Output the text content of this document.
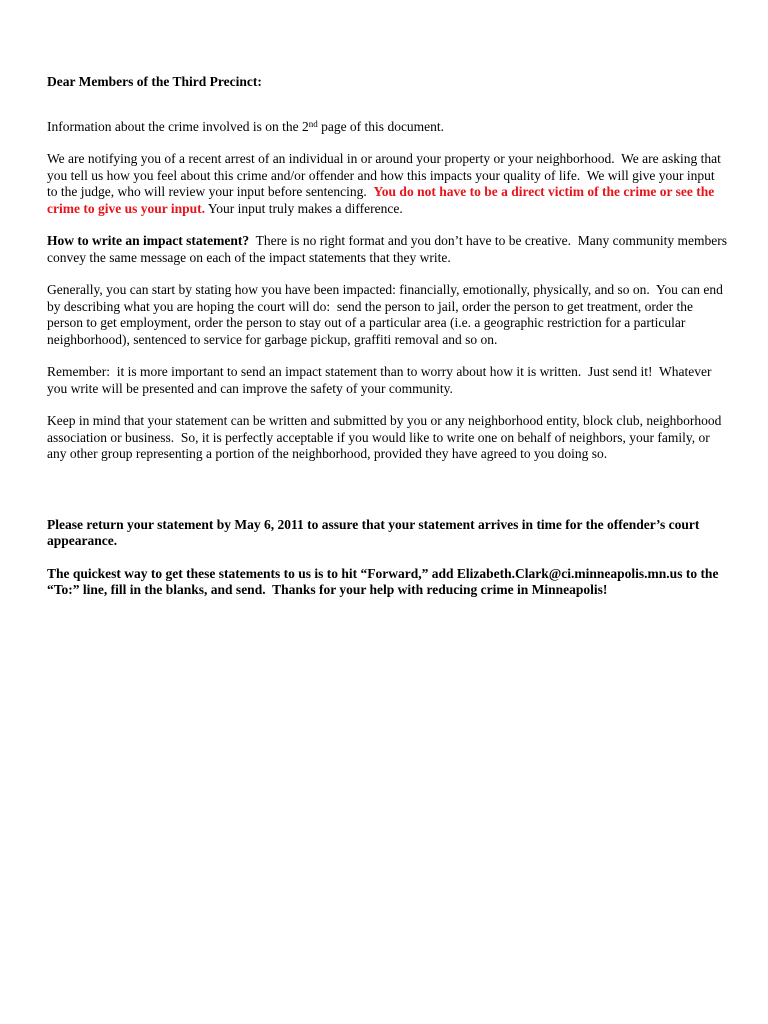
Dear Members of the Third Precinct:

Information about the crime involved is on the 2nd page of this document.

We are notifying you of a recent arrest of an individual in or around your property or your neighborhood.  We are asking that you tell us how you feel about this crime and/or offender and how this impacts your quality of life.  We will give your input to the judge, who will review your input before sentencing.  You do not have to be a direct victim of the crime or see the crime to give us your input. Your input truly makes a difference.

How to write an impact statement?  There is no right format and you don’t have to be creative.  Many community members convey the same message on each of the impact statements that they write.

Generally, you can start by stating how you have been impacted: financially, emotionally, physically, and so on.  You can end by describing what you are hoping the court will do:  send the person to jail, order the person to get treatment, order the person to get employment, order the person to stay out of a particular area (i.e. a geographic restriction for a particular neighborhood), sentenced to service for garbage pickup, graffiti removal and so on.

Remember:  it is more important to send an impact statement than to worry about how it is written.  Just send it!  Whatever you write will be presented and can improve the safety of your community.

Keep in mind that your statement can be written and submitted by you or any neighborhood entity, block club, neighborhood association or business.  So, it is perfectly acceptable if you would like to write one on behalf of neighbors, your family, or any other group representing a portion of the neighborhood, provided they have agreed to you doing so.

Please return your statement by May 6, 2011 to assure that your statement arrives in time for the offender’s court appearance.

The quickest way to get these statements to us is to hit “Forward,” add Elizabeth.Clark@ci.minneapolis.mn.us to the “To:” line, fill in the blanks, and send.  Thanks for your help with reducing crime in Minneapolis!
